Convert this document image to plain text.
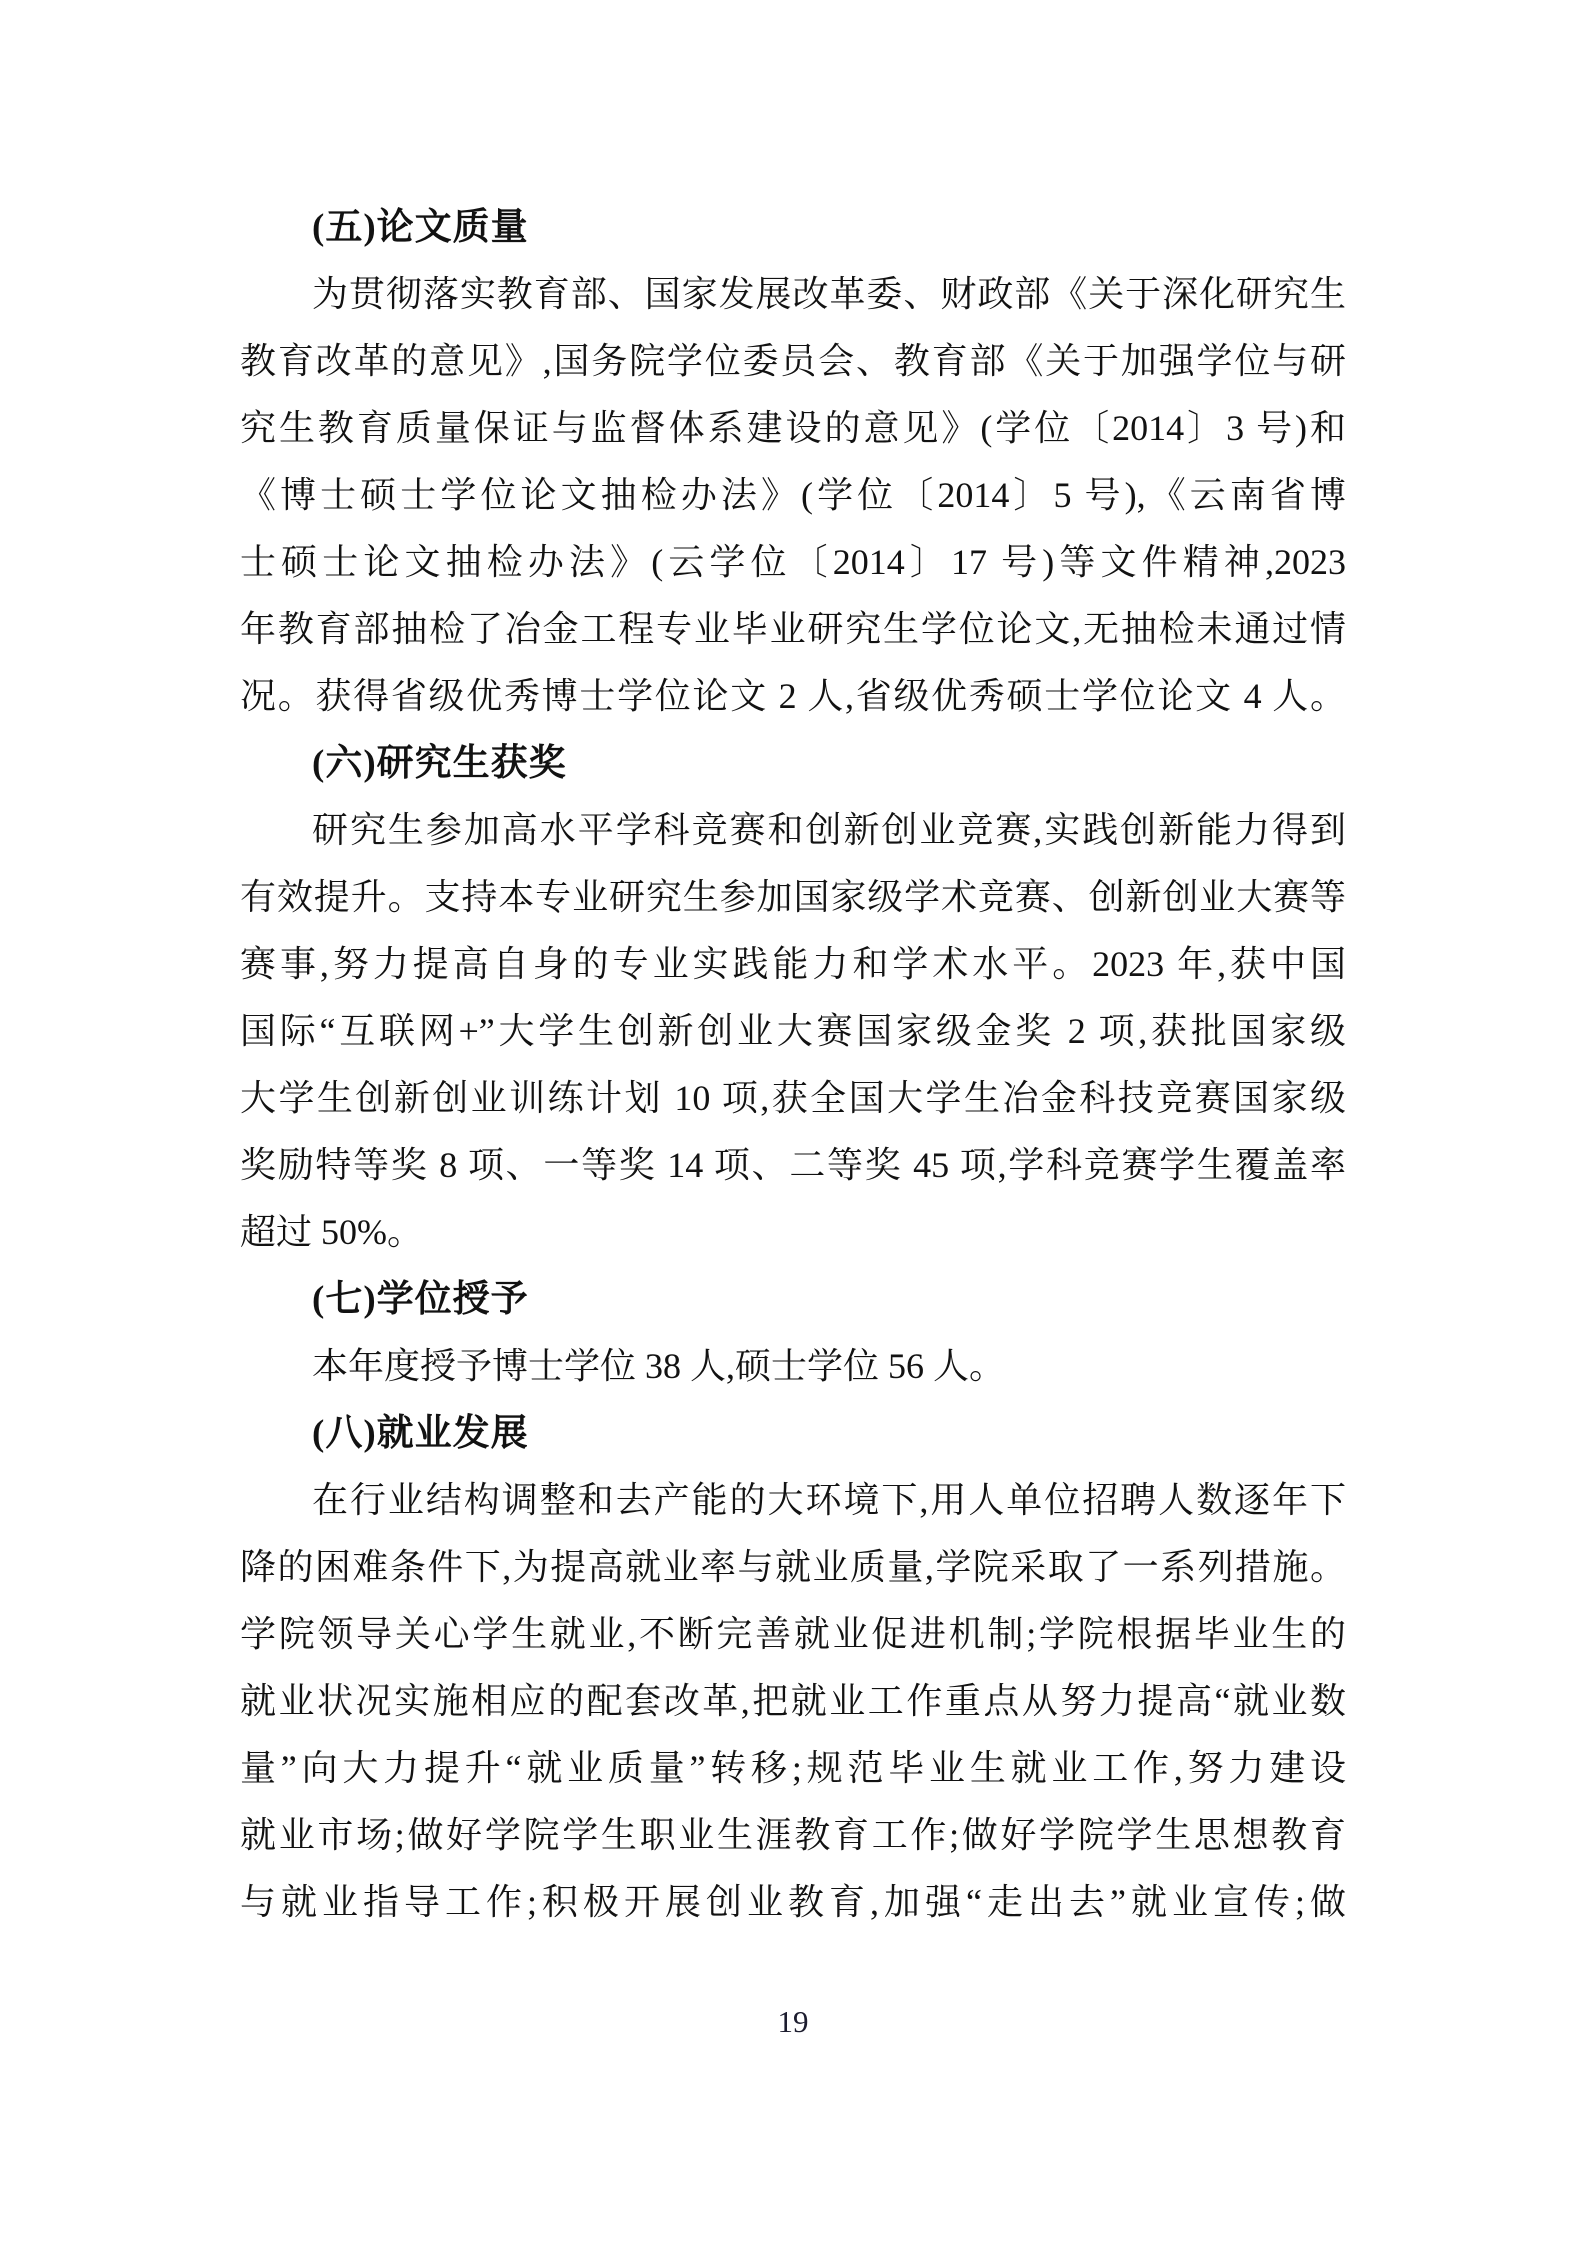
(五)论文质量
为贯彻落实教育部、国家发展改革委、财政部《关于深化研究生
教育改革的意见》,国务院学位委员会、教育部《关于加强学位与研
究生教育质量保证与监督体系建设的意见》(学位〔2014〕3 号)和
《博士硕士学位论文抽检办法》(学位〔2014〕5 号),《云南省博
士硕士论文抽检办法》(云学位〔2014〕17 号)等文件精神,2023
年教育部抽检了冶金工程专业毕业研究生学位论文,无抽检未通过情
况。获得省级优秀博士学位论文 2 人,省级优秀硕士学位论文 4 人。
(六)研究生获奖
研究生参加高水平学科竞赛和创新创业竞赛,实践创新能力得到
有效提升。支持本专业研究生参加国家级学术竞赛、创新创业大赛等
赛事,努力提高自身的专业实践能力和学术水平。2023 年,获中国
国际“互联网+”大学生创新创业大赛国家级金奖 2 项,获批国家级
大学生创新创业训练计划 10 项,获全国大学生冶金科技竞赛国家级
奖励特等奖 8 项、一等奖 14 项、二等奖 45 项,学科竞赛学生覆盖率
超过 50%。
(七)学位授予
本年度授予博士学位 38 人,硕士学位 56 人。
(八)就业发展
在行业结构调整和去产能的大环境下,用人单位招聘人数逐年下
降的困难条件下,为提高就业率与就业质量,学院采取了一系列措施。
学院领导关心学生就业,不断完善就业促进机制;学院根据毕业生的
就业状况实施相应的配套改革,把就业工作重点从努力提高“就业数
量”向大力提升“就业质量”转移;规范毕业生就业工作,努力建设
就业市场;做好学院学生职业生涯教育工作;做好学院学生思想教育
与就业指导工作;积极开展创业教育,加强“走出去”就业宣传;做
19
